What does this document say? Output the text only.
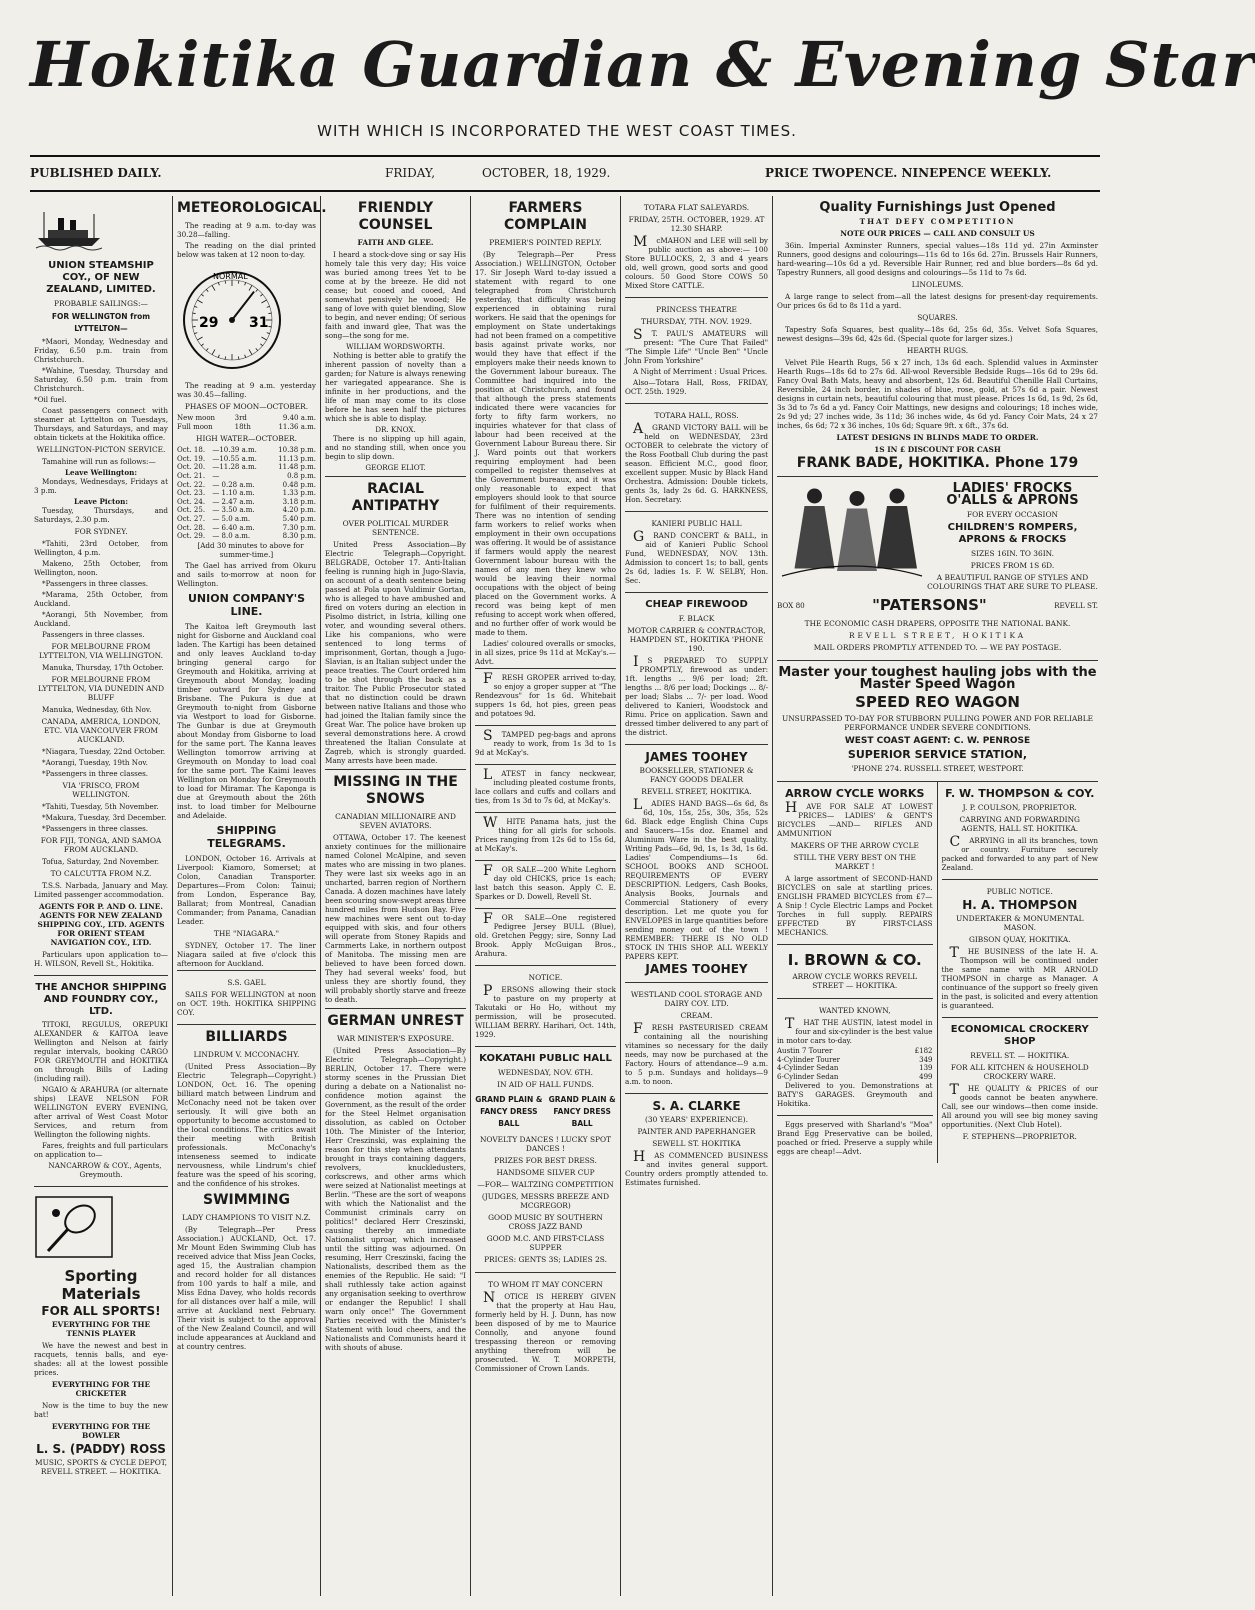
Hokitika Guardian & Evening Star
WITH WHICH IS INCORPORATED THE WEST COAST TIMES.
PUBLISHED DAILY.	FRIDAY,	OCTOBER, 18, 1929.	PRICE TWOPENCE. NINEPENCE WEEKLY.
UNION STEAMSHIP COY., OF NEW ZEALAND, LIMITED.
PROBABLE SAILINGS:—
FOR WELLINGTON from LYTTELTON—

*Maori, Monday, Wednesday and Friday, 6.50 p.m. train from Christchurch.

*Wahine, Tuesday, Thursday and Saturday, 6.50 p.m. train from Christchurch.

*Oil fuel.

Coast passengers connect with steamer at Lyttelton on Tuesdays, Thursdays, and Saturdays, and may obtain tickets at the Hokitika office.

WELLINGTON-PICTON SERVICE.

Tamahine will run as follows:—

Leave Wellington:

Mondays, Wednesdays, Fridays at 3 p.m.

Leave Picton:

Tuesday, Thursdays, and Saturdays, 2.30 p.m.

FOR SYDNEY.

*Tahiti, 23rd October, from Wellington, 4 p.m.

Makeno, 25th October, from Wellington, noon.

*Passengers in three classes.

*Marama, 25th October, from Auckland.

*Aorangi, 5th November, from Auckland.

Passengers in three classes.

FOR MELBOURNE FROM LYTTELTON, VIA WELLINGTON.

Manuka, Thursday, 17th October.

FOR MELBOURNE FROM LYTTELTON, VIA DUNEDIN AND BLUFF

Manuka, Wednesday, 6th Nov.

CANADA, AMERICA, LONDON, ETC. VIA VANCOUVER FROM AUCKLAND.

*Niagara, Tuesday, 22nd October.

*Aorangi, Tuesday, 19th Nov.

*Passengers in three classes.

VIA 'FRISCO, FROM WELLINGTON.

*Tahiti, Tuesday, 5th November.

*Makura, Tuesday, 3rd December.

*Passengers in three classes.

FOR FIJI, TONGA, AND SAMOA FROM AUCKLAND.

Tofua, Saturday, 2nd November.

TO CALCUTTA FROM N.Z.

T.S.S. Narbada, January and May. Limited passenger accommodation.

AGENTS FOR P. AND O. LINE. AGENTS FOR NEW ZEALAND SHIPPING COY., LTD. AGENTS FOR ORIENT STEAM NAVIGATION COY., LTD.

Particulars upon application to— H. WILSON, Revell St., Hokitika.

THE ANCHOR SHIPPING AND FOUNDRY COY., LTD.

TITOKI, REGULUS, OREPUKI ALEXANDER & KAITOA leave Wellington and Nelson at fairly regular intervals, booking CARGO FOR GREYMOUTH and HOKITIKA on through Bills of Lading (including rail).

NGAIO & ARAHURA (or alternate ships) LEAVE NELSON FOR WELLINGTON EVERY EVENING, after arrival of West Coast Motor Services, and return from Wellington the following nights.

Fares, freights and full particulars on application to—

NANCARROW & COY., Agents, Greymouth.

Sporting Materials
FOR ALL SPORTS!
EVERYTHING FOR THE TENNIS PLAYER

We have the newest and best in racquets, tennis balls, and eye-shades: all at the lowest possible prices.

EVERYTHING FOR THE CRICKETER

Now is the time to buy the new bat!

EVERYTHING FOR THE BOWLER
L. S. (PADDY) ROSS
MUSIC, SPORTS & CYCLE DEPOT, REVELL STREET. — HOKITIKA.
METEOROLOGICAL.

The reading at 9 a.m. to-day was 30.28—falling.

The reading on the dial printed below was taken at 12 noon to-day.

29 31
NORMAL

The reading at 9 a.m. yesterday was 30.45—falling.

PHASES OF MOON—OCTOBER.
New moon	3rd	9.40 a.m.
Full moon	18th	11.36 a.m.
HIGH WATER—OCTOBER.
Oct. 18.	—10.39 a.m.	10.38 p.m.
Oct. 19.	—10.55 a.m.	11.13 p.m.
Oct. 20.	—11.28 a.m.	11.48 p.m.
Oct. 21.	—	0.8 p.m.
Oct. 22.	— 0.28 a.m.	0.48 p.m.
Oct. 23.	— 1.10 a.m.	1.33 p.m.
Oct. 24.	— 2.47 a.m.	3.18 p.m.
Oct. 25.	— 3.50 a.m.	4.20 p.m.
Oct. 27.	— 5.0 a.m.	5.40 p.m.
Oct. 28.	— 6.40 a.m.	7.30 p.m.
Oct. 29.	— 8.0 a.m.	8.30 p.m.

[Add 30 minutes to above for summer-time.]

The Gael has arrived from Okuru and sails to-morrow at noon for Wellington.

UNION COMPANY'S LINE.

The Kaitoa left Greymouth last night for Gisborne and Auckland coal laden. The Kartigi has been detained and only leaves Auckland to-day bringing general cargo for Greymouth and Hokitika, arriving at Greymouth about Monday, loading timber outward for Sydney and Brisbane. The Pukura is due at Greymouth to-night from Gisborne via Westport to load for Gisborne. The Gunbar is due at Greymouth about Monday from Gisborne to load for the same port. The Kanna leaves Wellington tomorrow arriving at Greymouth on Monday to load coal for the same port. The Kaimi leaves Wellington on Monday for Greymouth to load for Miramar. The Kaponga is due at Greymouth about the 26th inst. to load timber for Melbourne and Adelaide.

SHIPPING TELEGRAMS.

LONDON, October 16. Arrivals at Liverpool: Kiamoro, Somerset; at Colon, Canadian Transporter. Departures—From Colon: Tainui; from London, Esperance Bay, Ballarat; from Montreal, Canadian Commander; from Panama, Canadian Leader.

THE "NIAGARA."

SYDNEY, October 17. The liner Niagara sailed at five o'clock this afternoon for Auckland.

S.S. GAEL

SAILS FOR WELLINGTON at noon on OCT. 19th. HOKITIKA SHIPPING COY.

BILLIARDS
LINDRUM V. MCCONACHY.

(United Press Association—By Electric Telegraph—Copyright.) LONDON, Oct. 16. The opening billiard match between Lindrum and McConachy need not be taken over seriously. It will give both an opportunity to become accustomed to the local conditions. The critics await their meeting with British professionals. McConachy's intenseness seemed to indicate nervousness, while Lindrum's chief feature was the speed of his scoring, and the confidence of his strokes.

SWIMMING
LADY CHAMPIONS TO VISIT N.Z.

(By Telegraph—Per Press Association.) AUCKLAND, Oct. 17. Mr Mount Eden Swimming Club has received advice that Miss Jean Cocks, aged 15, the Australian champion and record holder for all distances from 100 yards to half a mile, and Miss Edna Davey, who holds records for all distances over half a mile, will arrive at Auckland next February. Their visit is subject to the approval of the New Zealand Council, and will include appearances at Auckland and at country centres.

FRIENDLY COUNSEL
FAITH AND GLEE.

I heard a stock-dove sing or say His homely tale this very day; His voice was buried among trees Yet to be come at by the breeze. He did not cease; but cooed and cooed, And somewhat pensively he wooed; He sang of love with quiet blending, Slow to begin, and never ending; Of serious faith and inward glee, That was the song—the song for me.

WILLIAM WORDSWORTH.

Nothing is better able to gratify the inherent passion of novelty than a garden; for Nature is always renewing her variegated appearance. She is infinite in her productions, and the life of man may come to its close before he has seen half the pictures which she is able to display.

DR. KNOX.

There is no slipping up hill again, and no standing still, when once you begin to slip down.

GEORGE ELIOT.
RACIAL ANTIPATHY
OVER POLITICAL MURDER SENTENCE.

United Press Association—By Electric Telegraph—Copyright. BELGRADE, October 17. Anti-Italian feeling is running high in Jugo-Slavia, on account of a death sentence being passed at Pola upon Vuldimir Gortan, who is alleged to have ambushed and fired on voters during an election in Pisolmo district, in Istria, killing one voter, and wounding several others. Like his companions, who were sentenced to long terms of imprisonment, Gortan, though a Jugo-Slavian, is an Italian subject under the peace treaties. The Court ordered him to be shot through the back as a traitor. The Public Prosecutor stated that no distinction could be drawn between native Italians and those who had joined the Italian family since the Great War. The police have broken up several demonstrations here. A crowd threatened the Italian Consulate at Zagreb, which is strongly guarded. Many arrests have been made.

MISSING IN THE SNOWS
CANADIAN MILLIONAIRE AND SEVEN AVIATORS.

OTTAWA, October 17. The keenest anxiety continues for the millionaire named Colonel McAlpine, and seven mates who are missing in two planes. They were last six weeks ago in an uncharted, barren region of Northern Canada. A dozen machines have lately been scouring snow-swept areas three hundred miles from Hudson Bay. Five new machines were sent out to-day equipped with skis, and four others will operate from Stoney Rapids and Carmmerts Lake, in northern outpost of Manitoba. The missing men are believed to have been forced down. They had several weeks' food, but unless they are shortly found, they will probably shortly starve and freeze to death.

GERMAN UNREST
WAR MINISTER'S EXPOSURE.

(United Press Association—By Electric Telegraph—Copyright.) BERLIN, October 17. There were stormy scenes in the Prussian Diet during a debate on a Nationalist no-confidence motion against the Government, as the result of the order for the Steel Helmet organisation dissolution, as cabled on October 10th. The Minister of the Interior, Herr Creszinski, was explaining the reason for this step when attendants brought in trays containing daggers, revolvers, knuckledusters, corkscrews, and other arms which were seized at Nationalist meetings at Berlin. "These are the sort of weapons with which the Nationalist and the Communist criminals carry on politics!" declared Herr Creszinski, causing thereby an immediate Nationalist uproar, which increased until the sitting was adjourned. On resuming, Herr Creszinski, facing the Nationalists, described them as the enemies of the Republic. He said: "I shall ruthlessly take action against any organisation seeking to overthrow or endanger the Republic! I shall warn only once!" The Government Parties received with the Minister's Statement with loud cheers, and the Nationalists and Communists heard it with shouts of abuse.

FARMERS COMPLAIN
PREMIER'S POINTED REPLY.

(By Telegraph—Per Press Association.) WELLINGTON, October 17. Sir Joseph Ward to-day issued a statement with regard to one telegraphed from Christchurch yesterday, that difficulty was being experienced in obtaining rural workers. He said that the openings for employment on State undertakings had not been framed on a competitive basis against private works, nor would they have that effect if the employers make their needs known to the Government labour bureaux. The Committee had inquired into the position at Christchurch, and found that although the press statements indicated there were vacancies for forty to fifty farm workers, no inquiries whatever for that class of labour had been received at the Government Labour Bureau there. Sir J. Ward points out that workers requiring employment had been compelled to register themselves at the Government bureaux, and it was only reasonable to expect that employers should look to that source for fulfilment of their requirements. There was no intention of sending farm workers to relief works when employment in their own occupations was offering. It would be of assistance if farmers would apply the nearest Government labour bureau with the names of any men they knew who would be leaving their normal occupations with the object of being placed on the Government works. A record was being kept of men refusing to accept work when offered, and no further offer of work would be made to them.

Ladies' coloured overalls or smocks, in all sizes, price 9s 11d at McKay's.—Advt.

FRESH GROPER arrived to-day, so enjoy a groper supper at "The Rendezvous" for 1s 6d. Whitebait suppers 1s 6d, hot pies, green peas and potatoes 9d.

STAMPED peg-bags and aprons ready to work, from 1s 3d to 1s 9d at McKay's.

LATEST in fancy neckwear, including pleated costume fronts, lace collars and cuffs and collars and ties, from 1s 3d to 7s 6d, at McKay's.

WHITE Panama hats, just the thing for all girls for schools. Prices ranging from 12s 6d to 15s 6d, at McKay's.

FOR SALE—200 White Leghorn day old CHICKS, price 1s each; last batch this season. Apply C. E. Sparkes or D. Dowell, Revell St.

FOR SALE—One registered Pedigree Jersey BULL (Blue), old. Gretchen Peggy; sire, Sonny Lad Brook. Apply McGuigan Bros., Arahura.

NOTICE.

PERSONS allowing their stock to pasture on my property at Takutaki or Ho Ho, without my permission, will be prosecuted. WILLIAM BERRY. Harihari, Oct. 14th, 1929.

KOKATAHI PUBLIC HALL
WEDNESDAY, NOV. 6TH.
IN AID OF HALL FUNDS.
GRAND PLAIN & FANCY DRESS BALL
GRAND PLAIN & FANCY DRESS BALL
NOVELTY DANCES ! LUCKY SPOT DANCES !
PRIZES FOR BEST DRESS.
HANDSOME SILVER CUP
—FOR— WALTZING COMPETITION
(JUDGES, MESSRS BREEZE AND MCGREGOR)
GOOD MUSIC BY SOUTHERN CROSS JAZZ BAND
GOOD M.C. AND FIRST-CLASS SUPPER
PRICES: GENTS 3S; LADIES 2S.
TO WHOM IT MAY CONCERN

NOTICE IS HEREBY GIVEN that the property at Hau Hau, formerly held by H. J. Dunn, has now been disposed of by me to Maurice Connolly, and anyone found trespassing thereon or removing anything therefrom will be prosecuted. W. T. MORPETH, Commissioner of Crown Lands.

TOTARA FLAT SALEYARDS.
FRIDAY, 25TH. OCTOBER, 1929. AT 12.30 SHARP.

McMAHON and LEE will sell by public auction as above:— 100 Store BULLOCKS, 2, 3 and 4 years old, well grown, good sorts and good colours. 50 Good Store COWS 50 Mixed Store CATTLE.

PRINCESS THEATRE
THURSDAY, 7TH. NOV. 1929.

ST. PAUL'S AMATEURS will present: "The Cure That Failed" "The Simple Life" "Uncle Ben" "Uncle John From Yorkshire"

A Night of Merriment : Usual Prices.

Also—Totara Hall, Ross, FRIDAY, OCT. 25th. 1929.

TOTARA HALL, ROSS.

AGRAND VICTORY BALL will be held on WEDNESDAY, 23rd OCTOBER to celebrate the victory of the Ross Football Club during the past season. Efficient M.C., good floor, excellent supper. Music by Black Hand Orchestra. Admission: Double tickets, gents 3s, lady 2s 6d. G. HARKNESS, Hon. Secretary.

KANIERI PUBLIC HALL

GRAND CONCERT & BALL, in aid of Kanieri Public School Fund, WEDNESDAY, NOV. 13th. Admission to concert 1s; to ball, gents 2s 6d, ladies 1s. F. W. SELBY, Hon. Sec.

CHEAP FIREWOOD
F. BLACK
MOTOR CARRIER & CONTRACTOR, HAMPDEN ST., HOKITIKA 'PHONE 190.

IS PREPARED TO SUPPLY PROMPTLY, firewood as under: 1ft. lengths ... 9/6 per load; 2ft. lengths ... 8/6 per load; Dockings ... 8/- per load; Slabs ... 7/- per load. Wood delivered to Kanieri, Woodstock and Rimu. Price on application. Sawn and dressed timber delivered to any part of the district.

JAMES TOOHEY
BOOKSELLER, STATIONER & FANCY GOODS DEALER
REVELL STREET, HOKITIKA.

LADIES HAND BAGS—6s 6d, 8s 6d, 10s, 15s, 25s, 30s, 35s, 52s 6d. Black edge English China Cups and Saucers—15s doz. Enamel and Aluminium Ware in the best quality. Writing Pads—6d, 9d, 1s, 1s 3d, 1s 6d. Ladies' Compendiums—1s 6d. SCHOOL BOOKS AND SCHOOL REQUIREMENTS OF EVERY DESCRIPTION. Ledgers, Cash Books, Analysis Books, Journals and Commercial Stationery of every description. Let me quote you for ENVELOPES in large quantities before sending money out of the town ! REMEMBER: THERE IS NO OLD STOCK IN THIS SHOP. ALL WEEKLY PAPERS KEPT.

JAMES TOOHEY
WESTLAND COOL STORAGE AND DAIRY COY. LTD.
CREAM.

FRESH PASTEURISED CREAM containing all the nourishing vitamines so necessary for the daily needs, may now be purchased at the Factory. Hours of attendance—9 a.m. to 5 p.m. Sundays and holidays—9 a.m. to noon.

S. A. CLARKE
(30 YEARS' EXPERIENCE).
PAINTER AND PAPERHANGER
SEWELL ST. HOKITIKA

HAS COMMENCED BUSINESS and invites general support. Country orders promptly attended to. Estimates furnished.

Quality Furnishings Just Opened
THAT DEFY COMPETITION
NOTE OUR PRICES — CALL AND CONSULT US

36in. Imperial Axminster Runners, special values—18s 11d yd. 27in Axminster Runners, good designs and colourings—11s 6d to 16s 6d. 27in. Brussels Hair Runners, hard-wearing—10s 6d a yd. Reversible Hair Runner, red and blue borders—8s 6d yd. Tapestry Runners, all good designs and colourings—5s 11d to 7s 6d.

LINOLEUMS.

A large range to select from—all the latest designs for present-day requirements. Our prices 6s 6d to 8s 11d a yard.

SQUARES.

Tapestry Sofa Squares, best quality—18s 6d, 25s 6d, 35s. Velvet Sofa Squares, newest designs—39s 6d, 42s 6d. (Special quote for larger sizes.)

HEARTH RUGS.

Velvet Pile Hearth Rugs, 56 x 27 inch, 13s 6d each. Splendid values in Axminster Hearth Rugs—18s 6d to 27s 6d. All-wool Reversible Bedside Rugs—16s 6d to 29s 6d. Fancy Oval Bath Mats, heavy and absorbent, 12s 6d. Beautiful Chenille Hall Curtains, Reversible, 24 inch border, in shades of blue, rose, gold, at 57s 6d a pair. Newest designs in curtain nets, beautiful colouring that must please. Prices 1s 6d, 1s 9d, 2s 6d, 3s 3d to 7s 6d a yd. Fancy Coir Mattings, new designs and colourings; 18 inches wide, 2s 9d yd; 27 inches wide, 3s 11d; 36 inches wide, 4s 6d yd. Fancy Coir Mats, 24 x 27 inches, 6s 6d; 72 x 36 inches, 10s 6d; Square 9ft. x 6ft., 37s 6d.

LATEST DESIGNS IN BLINDS MADE TO ORDER.
1S IN £ DISCOUNT FOR CASH
FRANK BADE, HOKITIKA. Phone 179
LADIES' FROCKS O'ALLS & APRONS
FOR EVERY OCCASION
CHILDREN'S ROMPERS, APRONS & FROCKS
SIZES 16IN. TO 36IN.
PRICES FROM 1S 6D.
A BEAUTIFUL RANGE OF STYLES AND COLOURINGS THAT ARE SURE TO PLEASE.
BOX 80	"PATERSONS"	REVELL ST.
THE ECONOMIC CASH DRAPERS, OPPOSITE THE NATIONAL BANK.
REVELL STREET, HOKITIKA
MAIL ORDERS PROMPTLY ATTENDED TO. — WE PAY POSTAGE.
Master your toughest hauling jobs with the Master Speed Wagon
SPEED REO WAGON
UNSURPASSED TO-DAY FOR STUBBORN PULLING POWER AND FOR RELIABLE PERFORMANCE UNDER SEVERE CONDITIONS.
WEST COAST AGENT: C. W. PENROSE
SUPERIOR SERVICE STATION,
'PHONE 274. RUSSELL STREET, WESTPORT.
ARROW CYCLE WORKS

HAVE FOR SALE AT LOWEST PRICES— LADIES' & GENT'S BICYCLES —AND— RIFLES AND AMMUNITION

MAKERS OF THE ARROW CYCLE
STILL THE VERY BEST ON THE MARKET !

A large assortment of SECOND-HAND BICYCLES on sale at startling prices. ENGLISH FRAMED BICYCLES from £7—A Snip ! Cycle Electric Lamps and Pocket Torches in full supply. REPAIRS EFFECTED BY FIRST-CLASS MECHANICS.

I. BROWN & CO.
ARROW CYCLE WORKS REVELL STREET — HOKITIKA.
WANTED KNOWN,

THAT THE AUSTIN, latest model in four and six-cylinder is the best value in motor cars to-day.

Austin 7 Tourer	£182
4-Cylinder Tourer	349
4-Cylinder Sedan	139
6-Cylinder Sedan	499

Delivered to you. Demonstrations at BATY'S GARAGES. Greymouth and Hokitika.

Eggs preserved with Sharland's "Moa" Brand Egg Preservative can be boiled, poached or fried. Preserve a supply while eggs are cheap!—Advt.

F. W. THOMPSON & COY.
J. P. COULSON, PROPRIETOR.
CARRYING AND FORWARDING AGENTS, HALL ST. HOKITIKA.

CARRYING in all its branches, town or country. Furniture securely packed and forwarded to any part of New Zealand.

PUBLIC NOTICE.
H. A. THOMPSON
UNDERTAKER & MONUMENTAL MASON.
GIBSON QUAY, HOKITIKA.

THE BUSINESS of the late H. A. Thompson will be continued under the same name with MR ARNOLD THOMPSON in charge as Manager. A continuance of the support so freely given in the past, is solicited and every attention is guaranteed.

ECONOMICAL CROCKERY SHOP
REVELL ST. — HOKITIKA.
FOR ALL KITCHEN & HOUSEHOLD CROCKERY WARE.

THE QUALITY & PRICES of our goods cannot be beaten anywhere. Call, see our windows—then come inside. All around you will see big money saving opportunities. (Next Club Hotel).

F. STEPHENS—PROPRIETOR.
